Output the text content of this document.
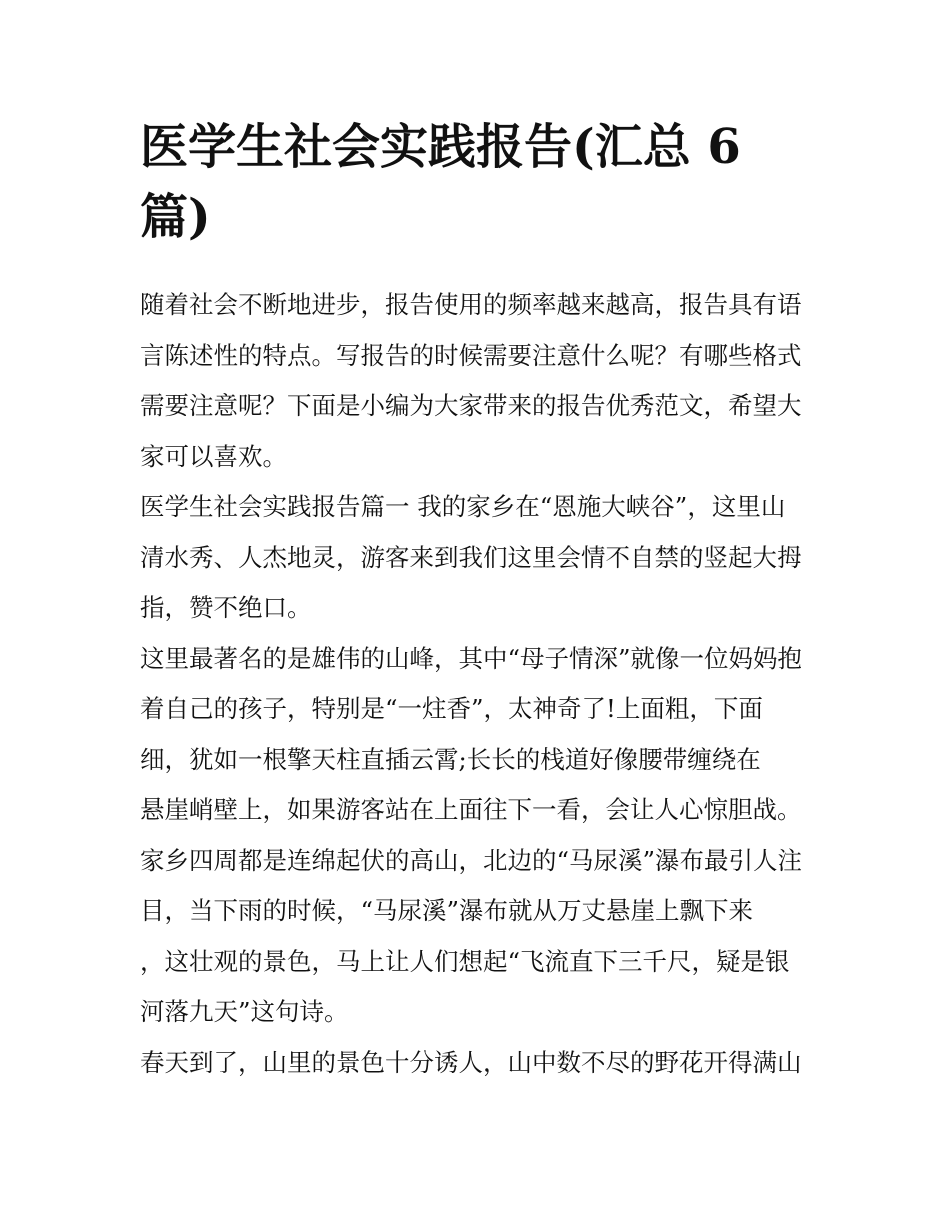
医学生社会实践报告(汇总 6
篇)

随着社会不断地进步，报告使用的频率越来越高，报告具有语
言陈述性的特点。写报告的时候需要注意什么呢？有哪些格式
需要注意呢？下面是小编为大家带来的报告优秀范文，希望大
家可以喜欢。

医学生社会实践报告篇一 我的家乡在“恩施大峡谷”，这里山
清水秀、人杰地灵，游客来到我们这里会情不自禁的竖起大拇
指，赞不绝口。

这里最著名的是雄伟的山峰，其中“母子情深”就像一位妈妈抱
着自己的孩子，特别是“一炷香”，太神奇了!上面粗，下面
细，犹如一根擎天柱直插云霄;长长的栈道好像腰带缠绕在
悬崖峭壁上，如果游客站在上面往下一看，会让人心惊胆战。

家乡四周都是连绵起伏的高山，北边的“马尿溪”瀑布最引人注
目，当下雨的时候，“马尿溪”瀑布就从万丈悬崖上飘下来
，这壮观的景色，马上让人们想起“飞流直下三千尺，疑是银
河落九天”这句诗。

春天到了，山里的景色十分诱人，山中数不尽的野花开得满山
